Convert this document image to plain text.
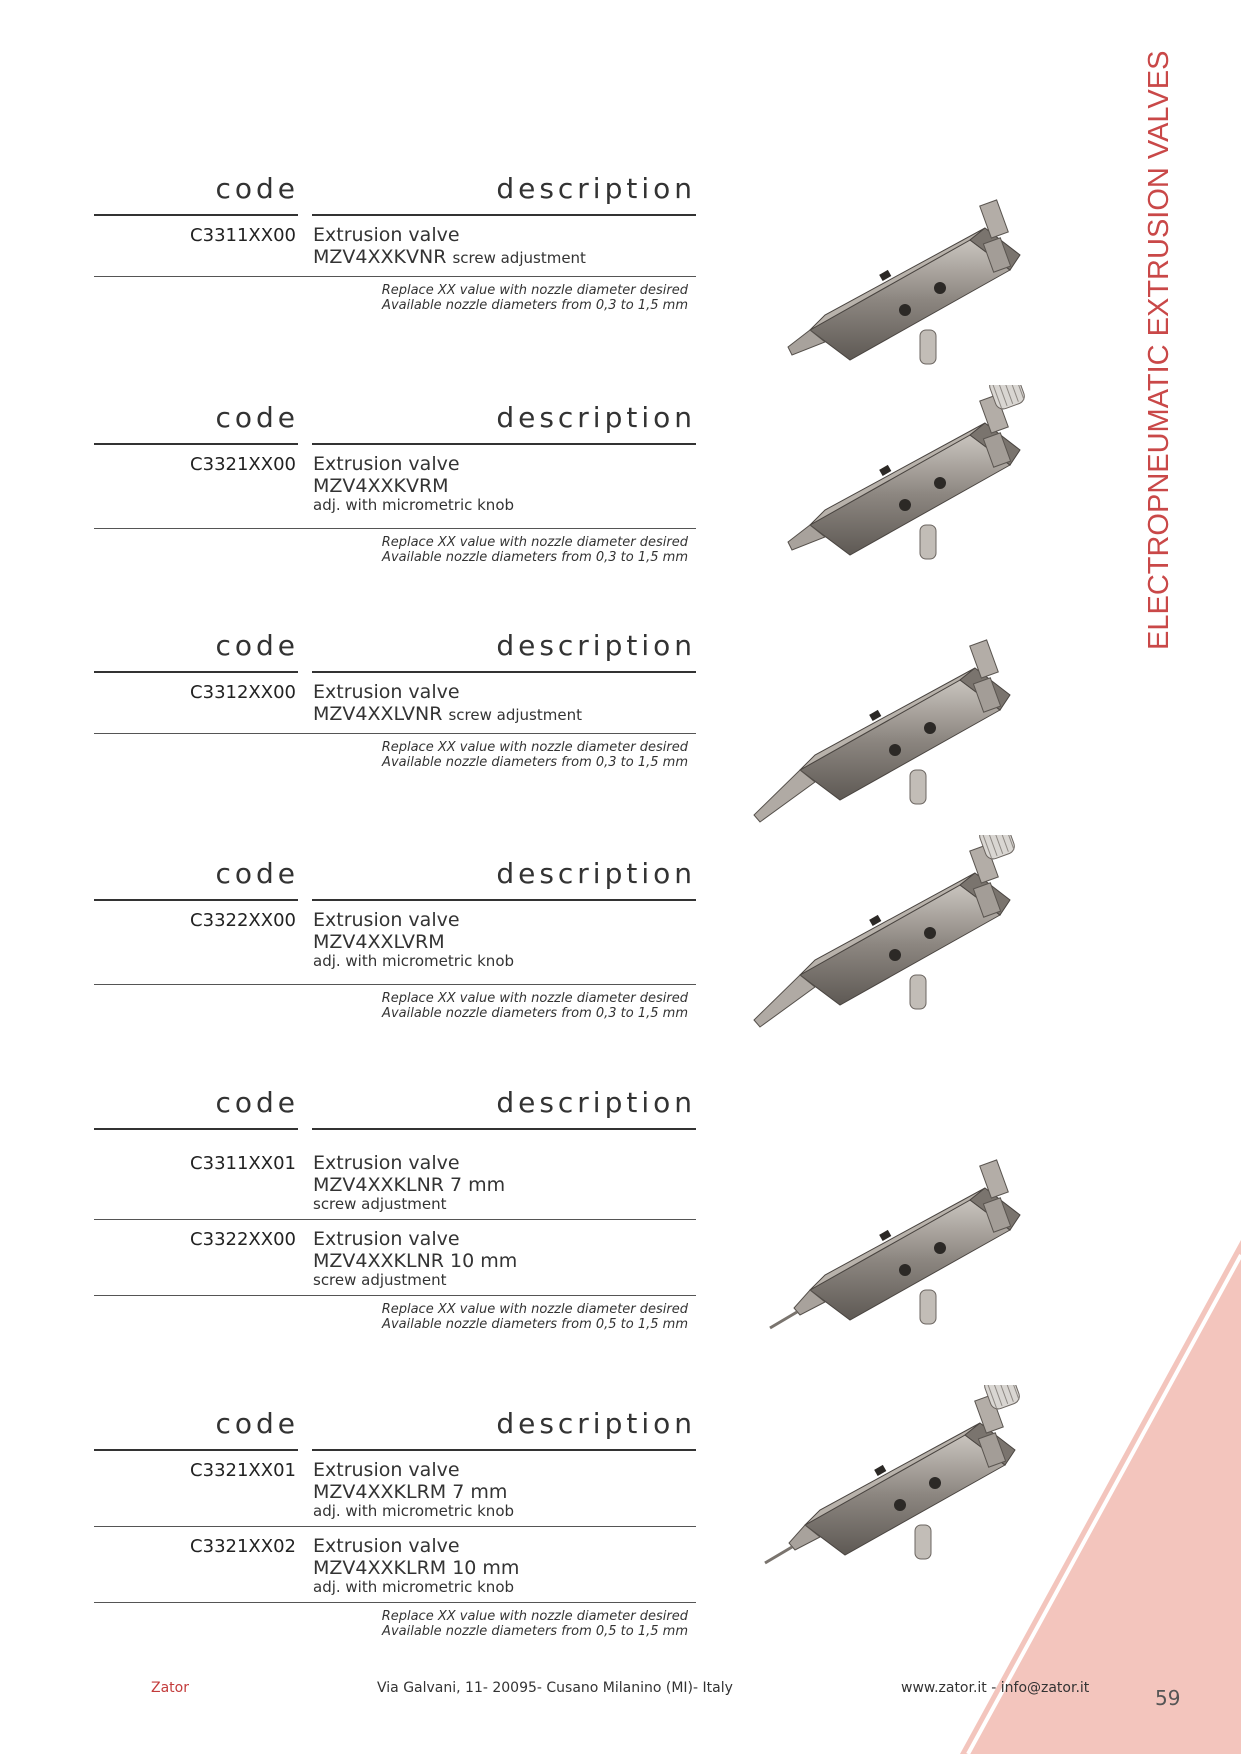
ELECTROPNEUMATIC EXTRUSION VALVES
code	description
C3311XX00 Extrusion valve
MZV4XXKVNR screw adjustment
Replace XX value with nozzle diameter desired
Available nozzle diameters from 0,3 to 1,5 mm
code	description
C3321XX00 Extrusion valve
MZV4XXKVRM
adj. with micrometric knob
Replace XX value with nozzle diameter desired
Available nozzle diameters from 0,3 to 1,5 mm
code	description
C3312XX00 Extrusion valve
MZV4XXLVNR screw adjustment
Replace XX value with nozzle diameter desired
Available nozzle diameters from 0,3 to 1,5 mm
code	description
C3322XX00 Extrusion valve
MZV4XXLVRM
adj. with micrometric knob
Replace XX value with nozzle diameter desired
Available nozzle diameters from 0,3 to 1,5 mm
code	description
C3311XX01 Extrusion valve
MZV4XXKLNR 7 mm
screw adjustment
C3322XX00 Extrusion valve
MZV4XXKLNR 10 mm
screw adjustment
Replace XX value with nozzle diameter desired
Available nozzle diameters from 0,5 to 1,5 mm
code	description
C3321XX01 Extrusion valve
MZV4XXKLRM 7 mm
adj. with micrometric knob
C3321XX02 Extrusion valve
MZV4XXKLRM 10 mm
adj. with micrometric knob
Replace XX value with nozzle diameter desired
Available nozzle diameters from 0,5 to 1,5 mm
Zator	Via Galvani, 11- 20095- Cusano Milanino (MI)- Italy	www.zator.it - info@zator.it	59
